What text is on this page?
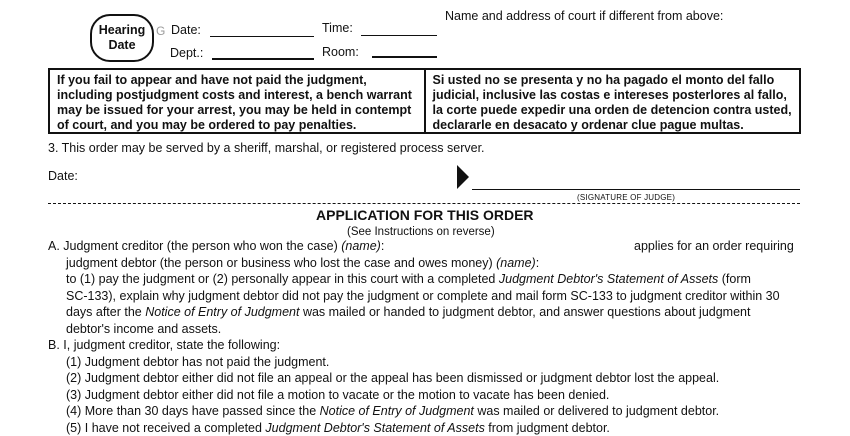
Hearing
Date
G Date:	Time:
Dept.:	Room:
Name and address of court if different from above:
If you fail to appear and have not paid the judgment,
including postjudgment costs and interest, a bench warrant
may be issued for your arrest, you may be held in contempt
of court, and you may be ordered to pay penalties.
Si usted no se presenta y no ha pagado el monto del fallo
judicial, inclusive las costas e intereses posterlores al fallo,
la corte puede expedir una orden de detencion contra usted,
declararle en desacato y ordenar clue pague multas.
3. This order may be served by a sheriff, marshal, or registered process server.
Date:
(SIGNATURE OF JUDGE)
APPLICATION FOR THIS ORDER
(See Instructions on reverse)
A. Judgment creditor (the person who won the case) (name):	applies for an order requiring
judgment debtor (the person or business who lost the case and owes money) (name):
to (1) pay the judgment or (2) personally appear in this court with a completed Judgment Debtor's Statement of Assets (form
SC-133), explain why judgment debtor did not pay the judgment or complete and mail form SC-133 to judgment creditor within 30
days after the Notice of Entry of Judgment was mailed or handed to judgment debtor, and answer questions about judgment
debtor's income and assets.
B. I, judgment creditor, state the following:
(1) Judgment debtor has not paid the judgment.
(2) Judgment debtor either did not file an appeal or the appeal has been dismissed or judgment debtor lost the appeal.
(3) Judgment debtor either did not file a motion to vacate or the motion to vacate has been denied.
(4) More than 30 days have passed since the Notice of Entry of Judgment was mailed or delivered to judgment debtor.
(5) I have not received a completed Judgment Debtor's Statement of Assets from judgment debtor.
